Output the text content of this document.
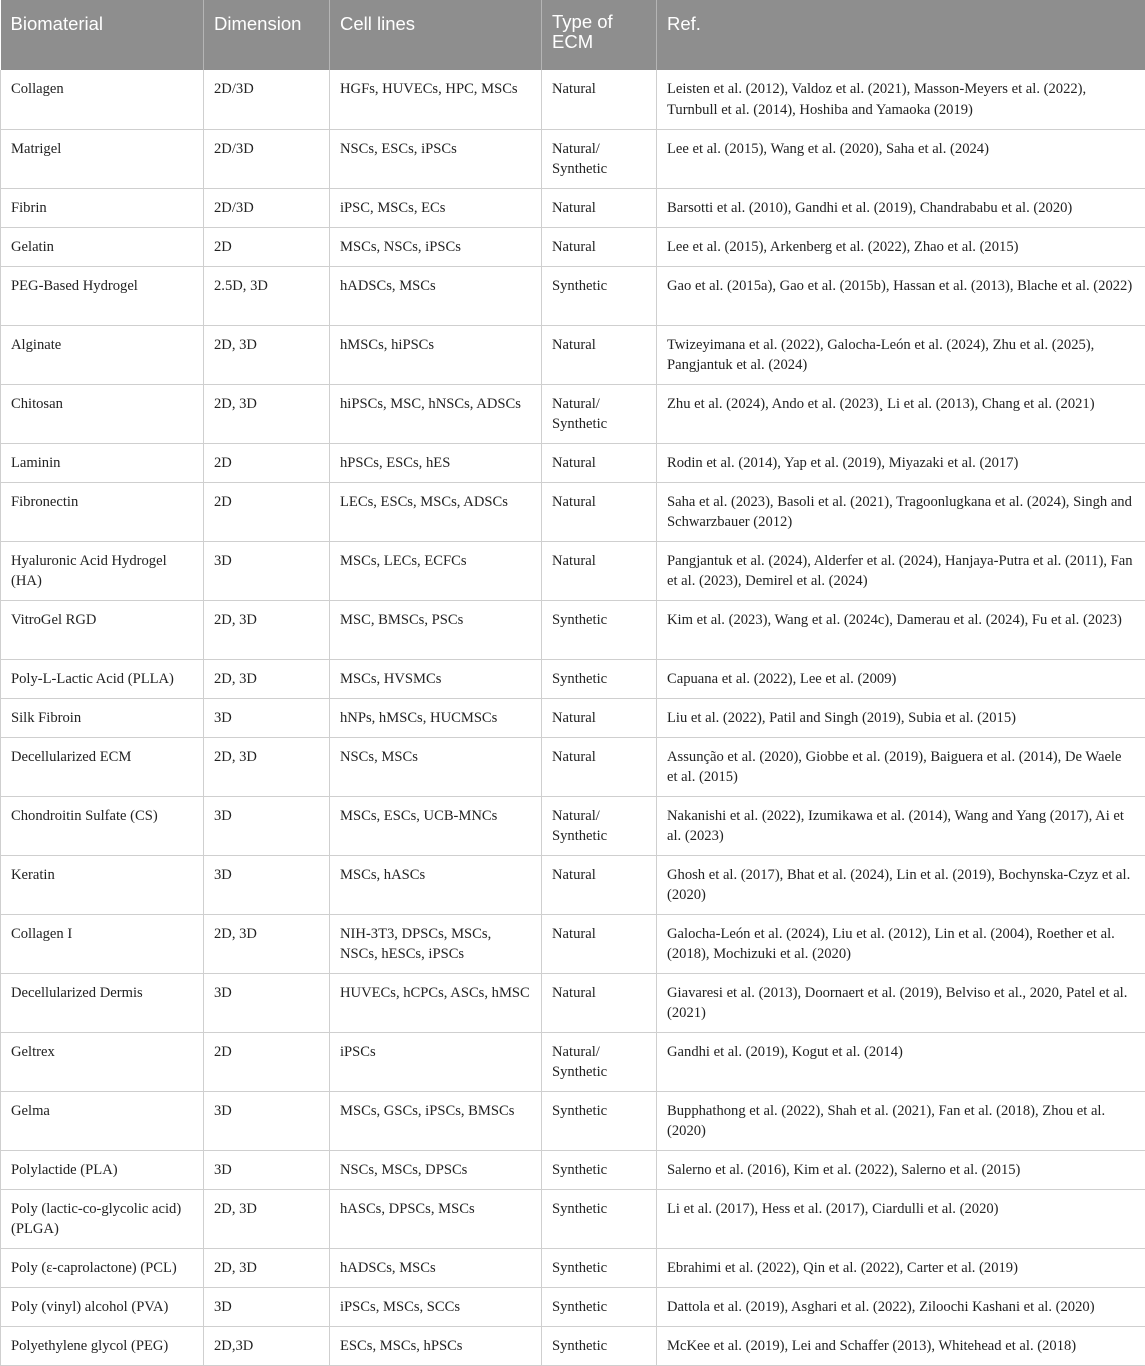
Biomaterial	Dimension	Cell lines	Type of ECM	Ref.
Collagen	2D/3D	HGFs, HUVECs, HPC, MSCs	Natural	Leisten et al. (2012), Valdoz et al. (2021), Masson-Meyers et al. (2022), Turnbull et al. (2014), Hoshiba and Yamaoka (2019)
Matrigel	2D/3D	NSCs, ESCs, iPSCs	Natural/ Synthetic	Lee et al. (2015), Wang et al. (2020), Saha et al. (2024)
Fibrin	2D/3D	iPSC, MSCs, ECs	Natural	Barsotti et al. (2010), Gandhi et al. (2019), Chandrababu et al. (2020)
Gelatin	2D	MSCs, NSCs, iPSCs	Natural	Lee et al. (2015), Arkenberg et al. (2022), Zhao et al. (2015)
PEG-Based Hydrogel	2.5D, 3D	hADSCs, MSCs	Synthetic	Gao et al. (2015a), Gao et al. (2015b), Hassan et al. (2013), Blache et al. (2022)
Alginate	2D, 3D	hMSCs, hiPSCs	Natural	Twizeyimana et al. (2022), Galocha-León et al. (2024), Zhu et al. (2025), Pangjantuk et al. (2024)
Chitosan	2D, 3D	hiPSCs, MSC, hNSCs, ADSCs	Natural/ Synthetic	Zhu et al. (2024), Ando et al. (2023)¸ Li et al. (2013), Chang et al. (2021)
Laminin	2D	hPSCs, ESCs, hES	Natural	Rodin et al. (2014), Yap et al. (2019), Miyazaki et al. (2017)
Fibronectin	2D	LECs, ESCs, MSCs, ADSCs	Natural	Saha et al. (2023), Basoli et al. (2021), Tragoonlugkana et al. (2024), Singh and Schwarzbauer (2012)
Hyaluronic Acid Hydrogel (HA)	3D	MSCs, LECs, ECFCs	Natural	Pangjantuk et al. (2024), Alderfer et al. (2024), Hanjaya-Putra et al. (2011), Fan et al. (2023), Demirel et al. (2024)
VitroGel RGD	2D, 3D	MSC, BMSCs, PSCs	Synthetic	Kim et al. (2023), Wang et al. (2024c), Damerau et al. (2024), Fu et al. (2023)
Poly-L-Lactic Acid (PLLA)	2D, 3D	MSCs, HVSMCs	Synthetic	Capuana et al. (2022), Lee et al. (2009)
Silk Fibroin	3D	hNPs, hMSCs, HUCMSCs	Natural	Liu et al. (2022), Patil and Singh (2019), Subia et al. (2015)
Decellularized ECM	2D, 3D	NSCs, MSCs	Natural	Assunção et al. (2020), Giobbe et al. (2019), Baiguera et al. (2014), De Waele et al. (2015)
Chondroitin Sulfate (CS)	3D	MSCs, ESCs, UCB-MNCs	Natural/ Synthetic	Nakanishi et al. (2022), Izumikawa et al. (2014), Wang and Yang (2017), Ai et al. (2023)
Keratin	3D	MSCs, hASCs	Natural	Ghosh et al. (2017), Bhat et al. (2024), Lin et al. (2019), Bochynska-Czyz et al. (2020)
Collagen I	2D, 3D	NIH-3T3, DPSCs, MSCs, NSCs, hESCs, iPSCs	Natural	Galocha-León et al. (2024), Liu et al. (2012), Lin et al. (2004), Roether et al. (2018), Mochizuki et al. (2020)
Decellularized Dermis	3D	HUVECs, hCPCs, ASCs, hMSC	Natural	Giavaresi et al. (2013), Doornaert et al. (2019), Belviso et al., 2020, Patel et al. (2021)
Geltrex	2D	iPSCs	Natural/ Synthetic	Gandhi et al. (2019), Kogut et al. (2014)
Gelma	3D	MSCs, GSCs, iPSCs, BMSCs	Synthetic	Bupphathong et al. (2022), Shah et al. (2021), Fan et al. (2018), Zhou et al. (2020)
Polylactide (PLA)	3D	NSCs, MSCs, DPSCs	Synthetic	Salerno et al. (2016), Kim et al. (2022), Salerno et al. (2015)
Poly (lactic-co-glycolic acid) (PLGA)	2D, 3D	hASCs, DPSCs, MSCs	Synthetic	Li et al. (2017), Hess et al. (2017), Ciardulli et al. (2020)
Poly (ε-caprolactone) (PCL)	2D, 3D	hADSCs, MSCs	Synthetic	Ebrahimi et al. (2022), Qin et al. (2022), Carter et al. (2019)
Poly (vinyl) alcohol (PVA)	3D	iPSCs, MSCs, SCCs	Synthetic	Dattola et al. (2019), Asghari et al. (2022), Ziloochi Kashani et al. (2020)
Polyethylene glycol (PEG)	2D,3D	ESCs, MSCs, hPSCs	Synthetic	McKee et al. (2019), Lei and Schaffer (2013), Whitehead et al. (2018)
